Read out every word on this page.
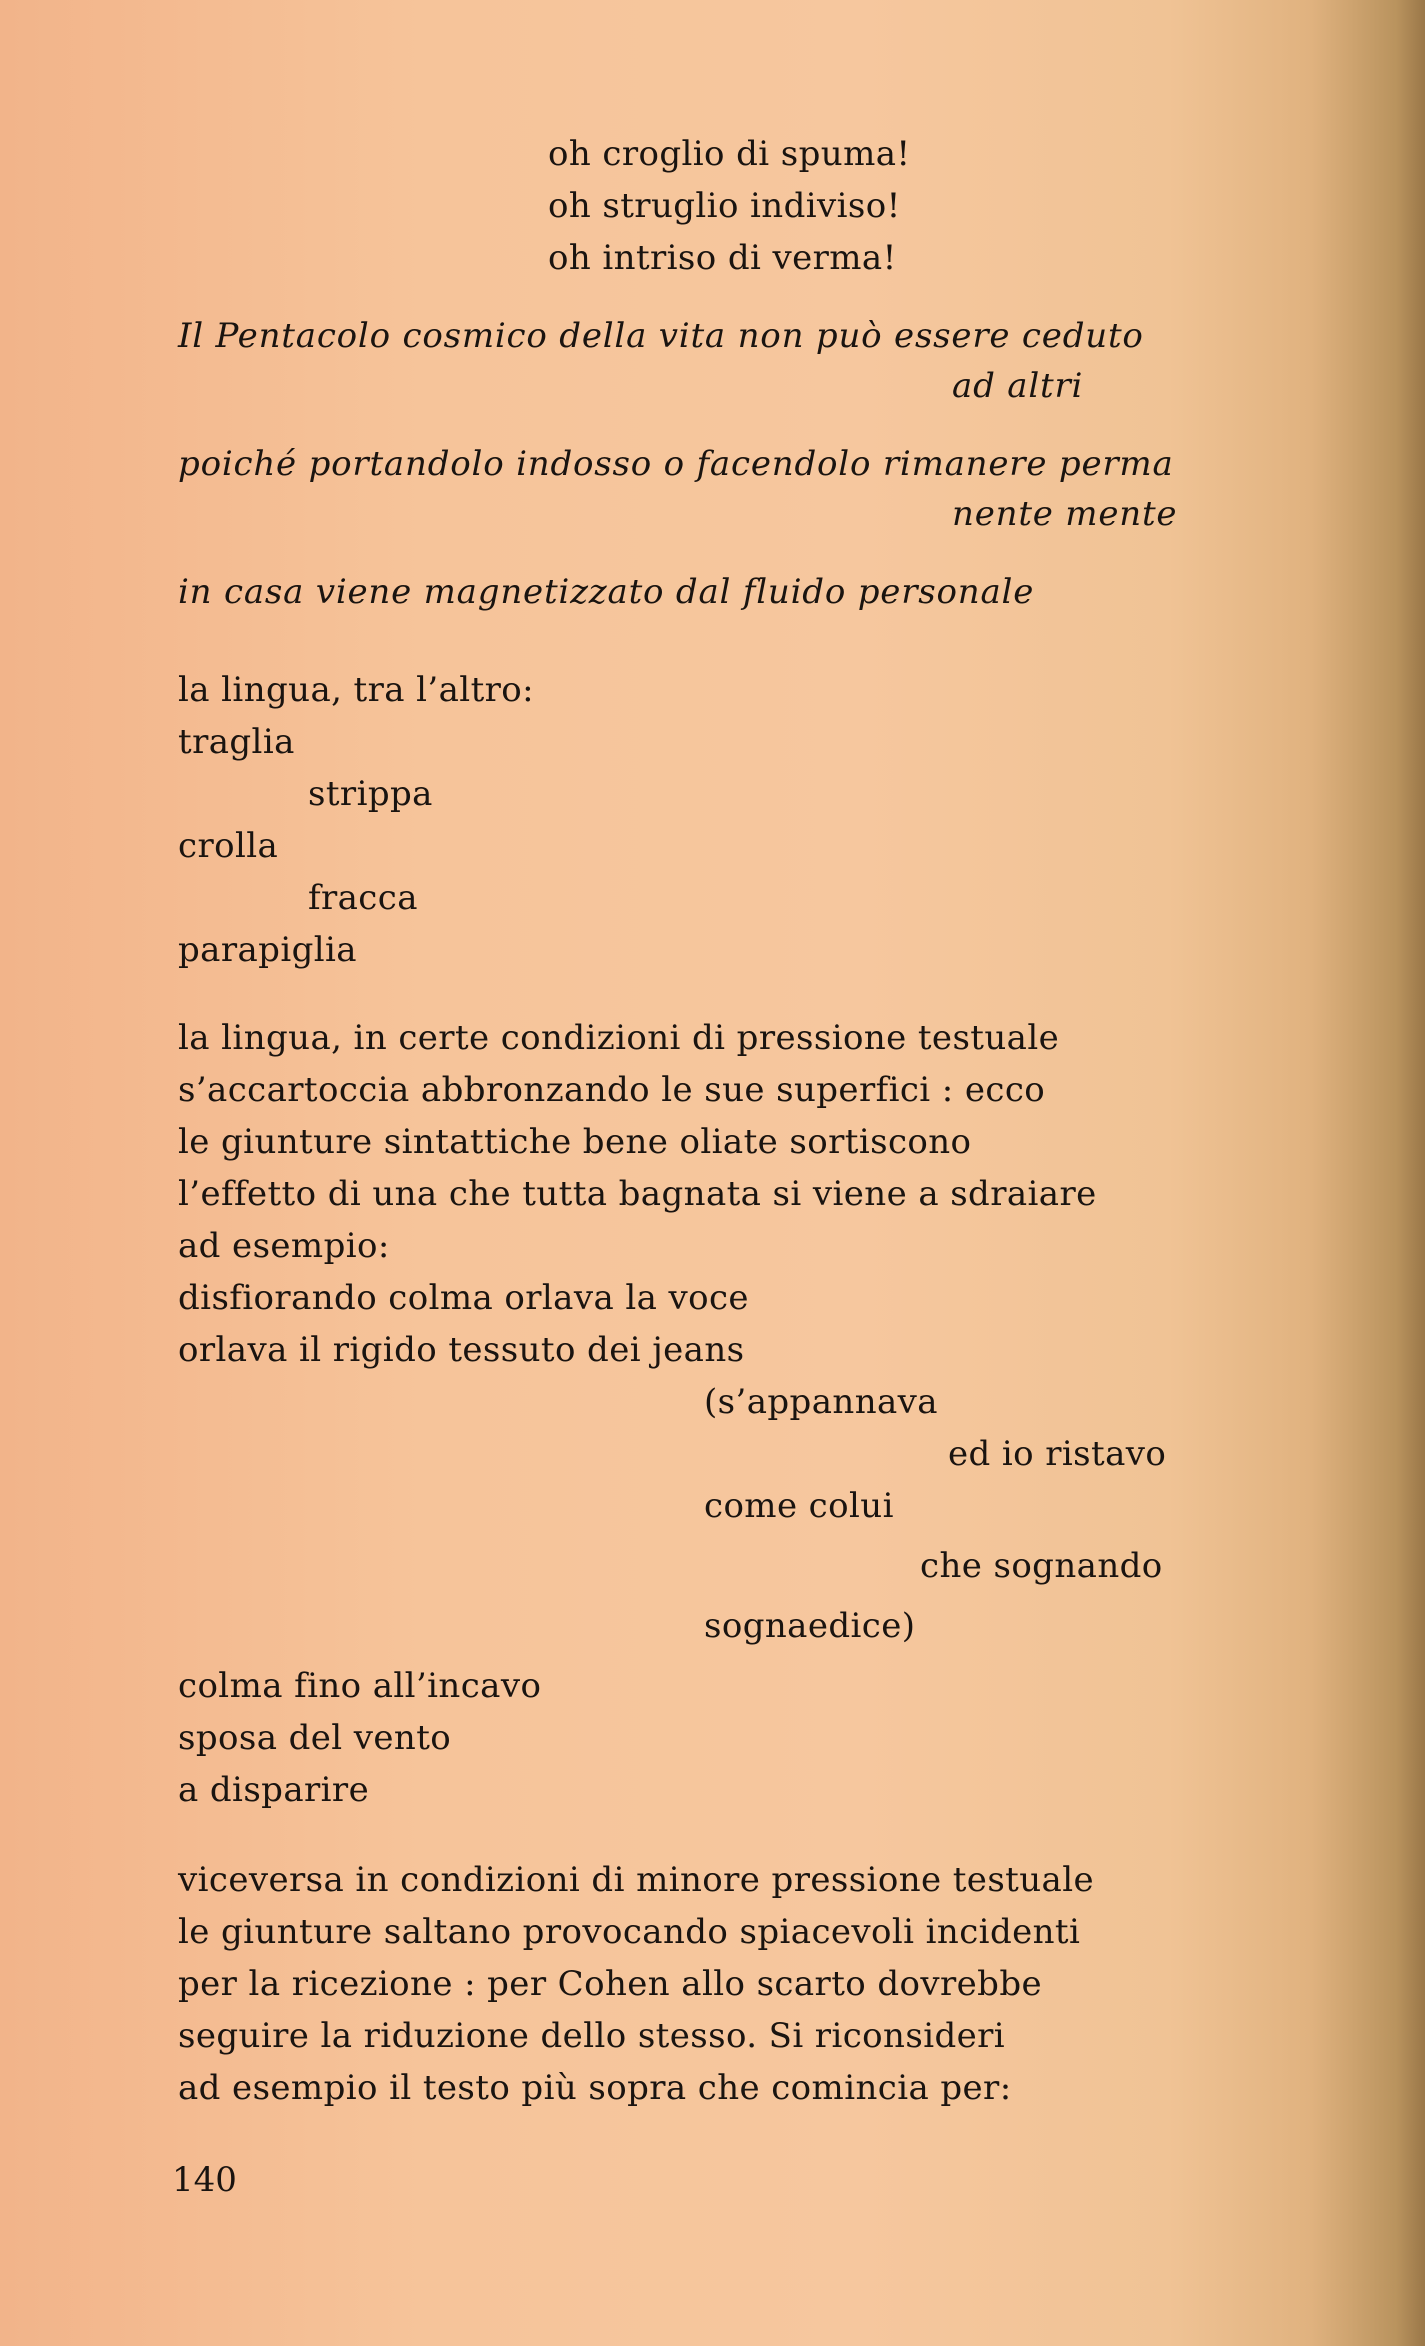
oh croglio di spuma!
oh struglio indiviso!
oh intriso di verma!
Il Pentacolo cosmico della vita non può essere ceduto
ad altri
poiché portandolo indosso o facendolo rimanere perma
nente mente
in casa viene magnetizzato dal fluido personale
la lingua, tra l’altro:
traglia
strippa
crolla
fracca
parapiglia
la lingua, in certe condizioni di pressione testuale
s’accartoccia abbronzando le sue superfici : ecco
le giunture sintattiche bene oliate sortiscono
l’effetto di una che tutta bagnata si viene a sdraiare
ad esempio:
disfiorando colma orlava la voce
orlava il rigido tessuto dei jeans
(s’appannava
ed io ristavo
come colui
che sognando
sognaedice)
colma fino all’incavo
sposa del vento
a disparire
viceversa in condizioni di minore pressione testuale
le giunture saltano provocando spiacevoli incidenti
per la ricezione : per Cohen allo scarto dovrebbe
seguire la riduzione dello stesso. Si riconsideri
ad esempio il testo più sopra che comincia per:
140
